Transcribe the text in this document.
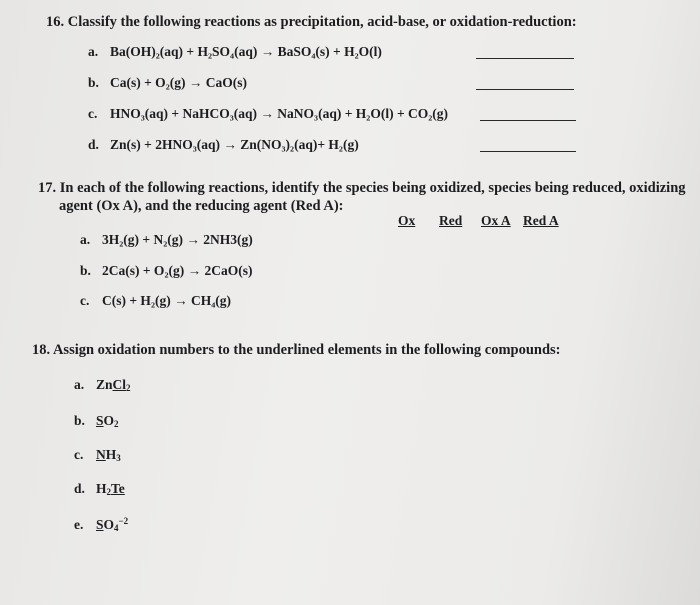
16. Classify the following reactions as precipitation, acid-base, or oxidation-reduction:
a. Ba(OH)₂(aq) + H₂SO₄(aq) → BaSO₄(s) + H₂O(l)
b. Ca(s) + O₂(g) → CaO(s)
c. HNO₃(aq) + NaHCO₃(aq) → NaNO₃(aq) + H₂O(l) + CO₂(g)
d. Zn(s) + 2HNO₃(aq) → Zn(NO₃)₂(aq)+ H₂(g)
17. In each of the following reactions, identify the species being oxidized, species being reduced, oxidizing
agent (Ox A), and the reducing agent (Red A):
Ox Red Ox A Red A
a. 3H₂(g) + N₂(g) → 2NH3(g)
b. 2Ca(s) + O₂(g) → 2CaO(s)
c. C(s) + H₂(g) → CH₄(g)
18. Assign oxidation numbers to the underlined elements in the following compounds:
a. ZnCl$_2$
b. $SO_2$
c. $NH_3$
d. $H_2Te$
e. $SO_4^{-2}$
